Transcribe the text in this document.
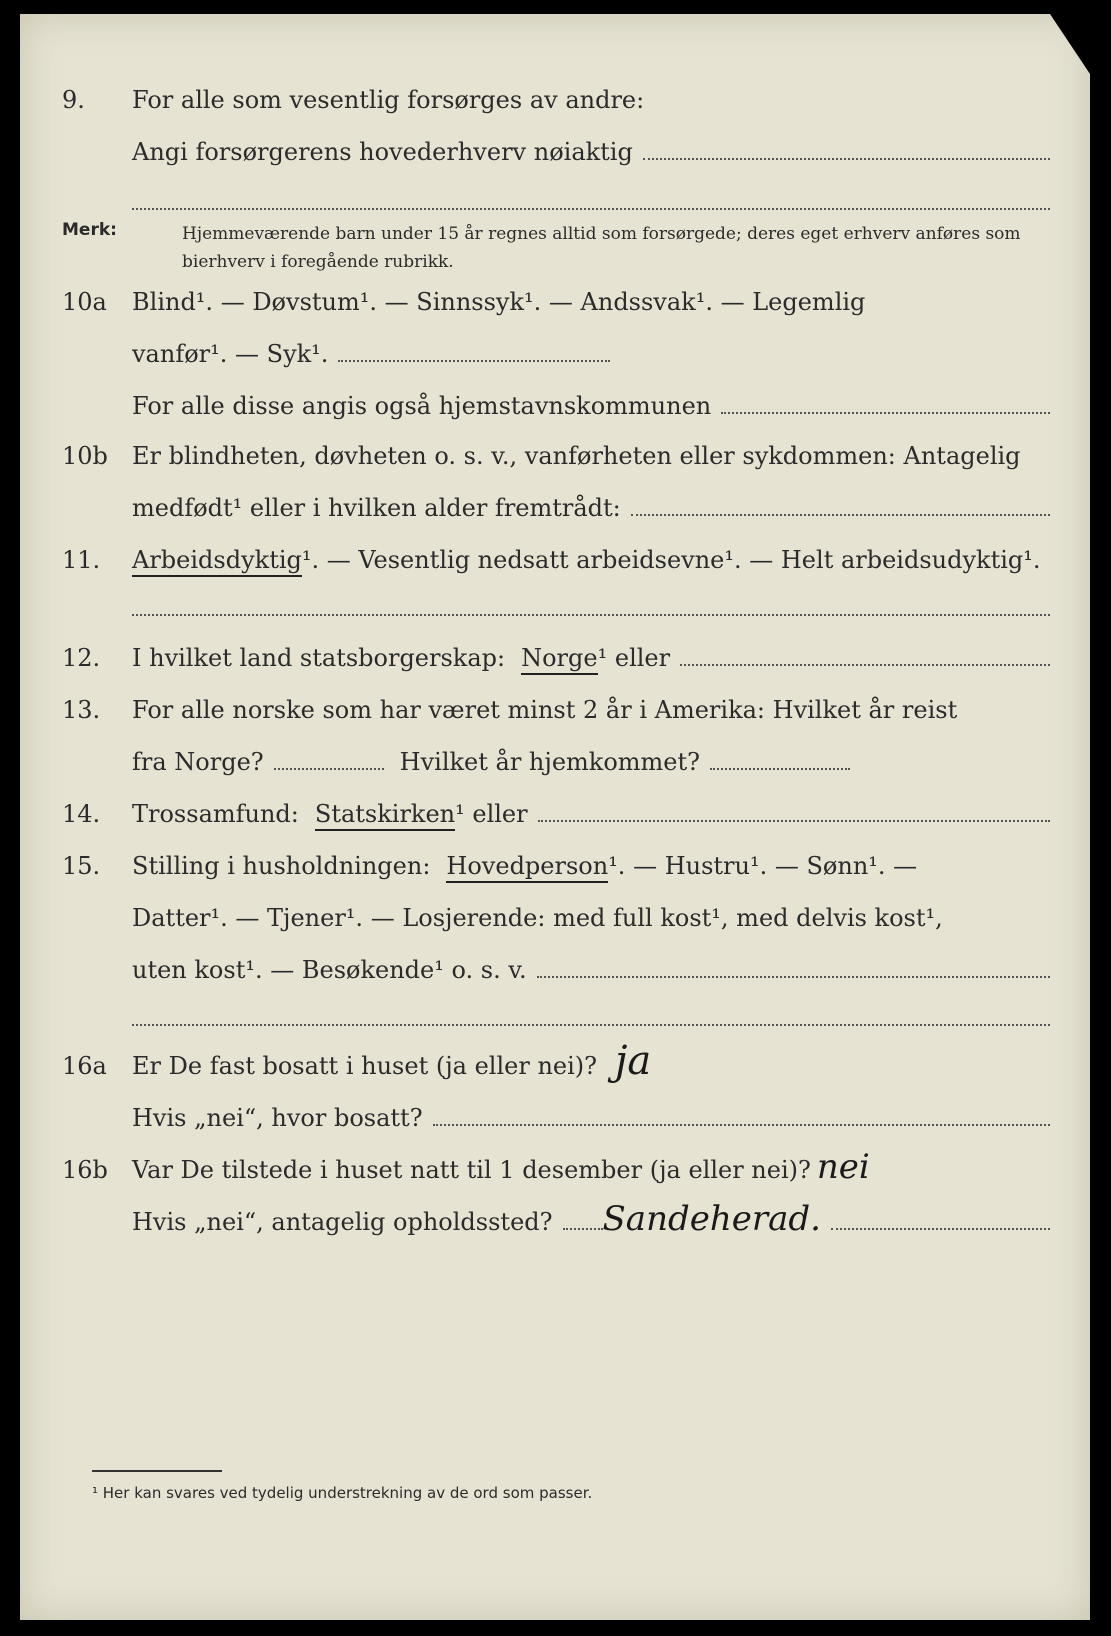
9. For alle som vesentlig forsørges av andre:
Angi forsørgerens hovederhverv nøiaktig
Merk:	Hjemmeværende barn under 15 år regnes alltid som forsørgede; deres eget erhverv anføres som bierhverv i foregående rubrikk.
10a Blind¹. — Døvstum¹. — Sinnssyk¹. — Andssvak¹. — Legemlig
vanfør¹. — Syk¹.
For alle disse angis også hjemstavnskommunen
10b Er blindheten, døvheten o. s. v., vanførheten eller sykdommen: Antagelig
medfødt¹ eller i hvilken alder fremtrådt:
11. Arbeidsdyktig ¹. — Vesentlig nedsatt arbeidsevne¹. — Helt arbeidsudyktig¹.
12. I hvilket land statsborgerskap: Norge ¹ eller
13. For alle norske som har været minst 2 år i Amerika: Hvilket år reist
fra Norge?	Hvilket år hjemkommet?
14. Trossamfund: Statskirken ¹ eller
15. Stilling i husholdningen: Hovedperson ¹. — Hustru¹. — Sønn¹. —
Datter¹. — Tjener¹. — Losjerende: med full kost¹, med delvis kost¹,
uten kost¹. — Besøkende¹ o. s. v.
16a Er De fast bosatt i huset (ja eller nei)? ja
Hvis „nei“, hvor bosatt?
16b Var De tilstede i huset natt til 1 desember (ja eller nei)? nei
Hvis „nei“, antagelig opholdssted? Sandeherad.
¹ Her kan svares ved tydelig understrekning av de ord som passer.
